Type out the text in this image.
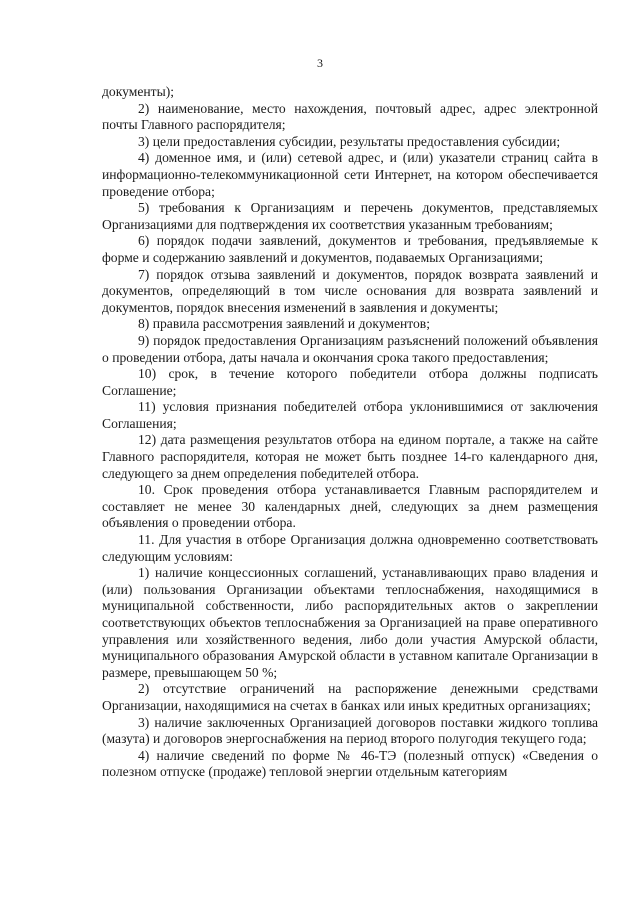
3

документы);

2) наименование, место нахождения, почтовый адрес, адрес электронной почты Главного распорядителя;

3) цели предоставления субсидии, результаты предоставления субсидии;

4) доменное имя, и (или) сетевой адрес, и (или) указатели страниц сайта в информационно-телекоммуникационной сети Интернет, на котором обеспечивается проведение отбора;

5) требования к Организациям и перечень документов, представляемых Организациями для подтверждения их соответствия указанным требованиям;

6) порядок подачи заявлений, документов и требования, предъявляемые к форме и содержанию заявлений и документов, подаваемых Организациями;

7) порядок отзыва заявлений и документов, порядок возврата заявлений и документов, определяющий в том числе основания для возврата заявлений и документов, порядок внесения изменений в заявления и документы;

8) правила рассмотрения заявлений и документов;

9) порядок предоставления Организациям разъяснений положений объявления о проведении отбора, даты начала и окончания срока такого предоставления;

10) срок, в течение которого победители отбора должны подписать Соглашение;

11) условия признания победителей отбора уклонившимися от заключения Соглашения;

12) дата размещения результатов отбора на едином портале, а также на сайте Главного распорядителя, которая не может быть позднее 14-го календарного дня, следующего за днем определения победителей отбора.

10. Срок проведения отбора устанавливается Главным распорядителем и составляет не менее 30 календарных дней, следующих за днем размещения объявления о проведении отбора.

11. Для участия в отборе Организация должна одновременно соответствовать следующим условиям:

1) наличие концессионных соглашений, устанавливающих право владения и (или) пользования Организации объектами теплоснабжения, находящимися в муниципальной собственности, либо распорядительных актов о закреплении соответствующих объектов теплоснабжения за Организацией на праве оперативного управления или хозяйственного ведения, либо доли участия Амурской области, муниципального образования Амурской области в уставном капитале Организации в размере, превышающем 50 %;

2) отсутствие ограничений на распоряжение денежными средствами Организации, находящимися на счетах в банках или иных кредитных организациях;

3) наличие заключенных Организацией договоров поставки жидкого топлива (мазута) и договоров энергоснабжения на период второго полугодия текущего года;

4) наличие сведений по форме № 46-ТЭ (полезный отпуск) «Сведения о полезном отпуске (продаже) тепловой энергии отдельным категориям
